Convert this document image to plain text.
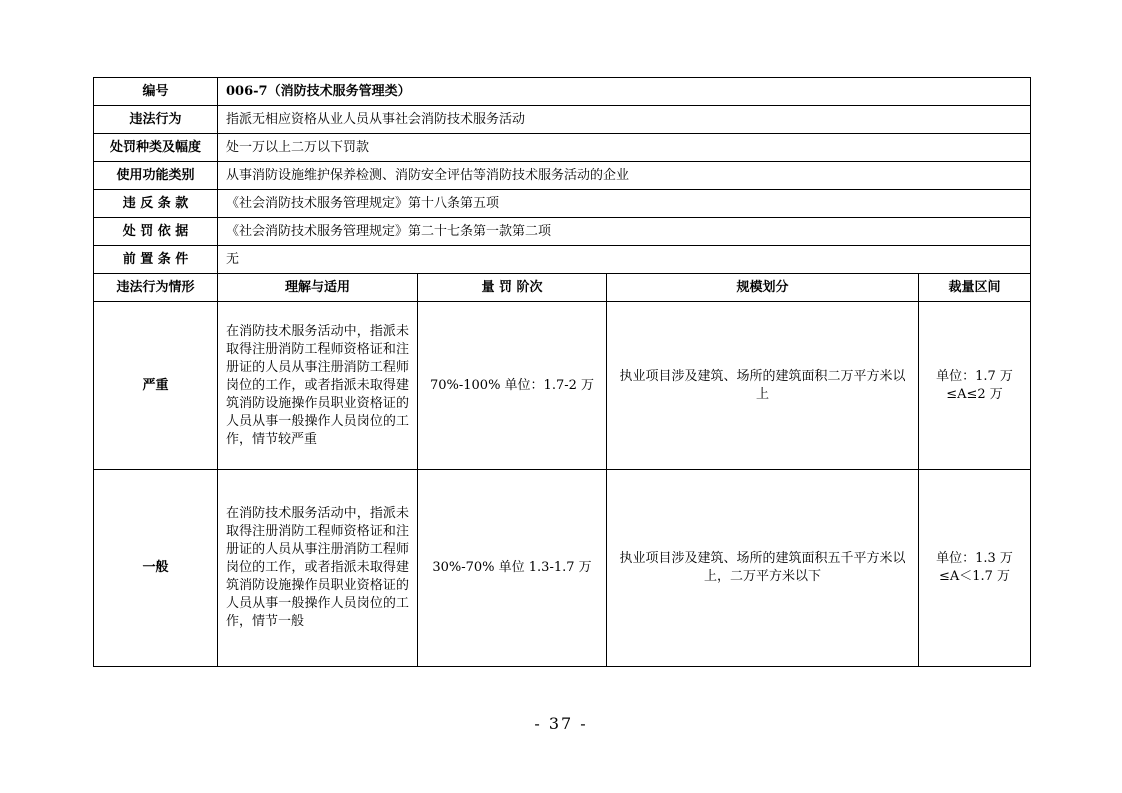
编号	006-7（消防技术服务管理类）			
违法行为	指派无相应资格从业人员从事社会消防技术服务活动			
处罚种类及幅度	处一万以上二万以下罚款			
使用功能类别	从事消防设施维护保养检测、消防安全评估等消防技术服务活动的企业			
违 反 条 款	《社会消防技术服务管理规定》第十八条第五项			
处 罚 依 据	《社会消防技术服务管理规定》第二十七条第一款第二项			
前 置 条 件	无			
违法行为情形	理解与适用	量 罚 阶次	规模划分	裁量区间
严重	在消防技术服务活动中，指派未取得注册消防工程师资格证和注册证的人员从事注册消防工程师岗位的工作，或者指派未取得建筑消防设施操作员职业资格证的人员从事一般操作人员岗位的工作，情节较严重	70%-100% 单位：1.7-2 万	执业项目涉及建筑、场所的建筑面积二万平方米以上	单位：1.7 万≤A≤2 万
一般	在消防技术服务活动中，指派未取得注册消防工程师资格证和注册证的人员从事注册消防工程师岗位的工作，或者指派未取得建筑消防设施操作员职业资格证的人员从事一般操作人员岗位的工作，情节一般	30%-70% 单位 1.3-1.7 万	执业项目涉及建筑、场所的建筑面积五千平方米以上，二万平方米以下	单位：1.3 万≤A＜1.7 万
- 37 -
